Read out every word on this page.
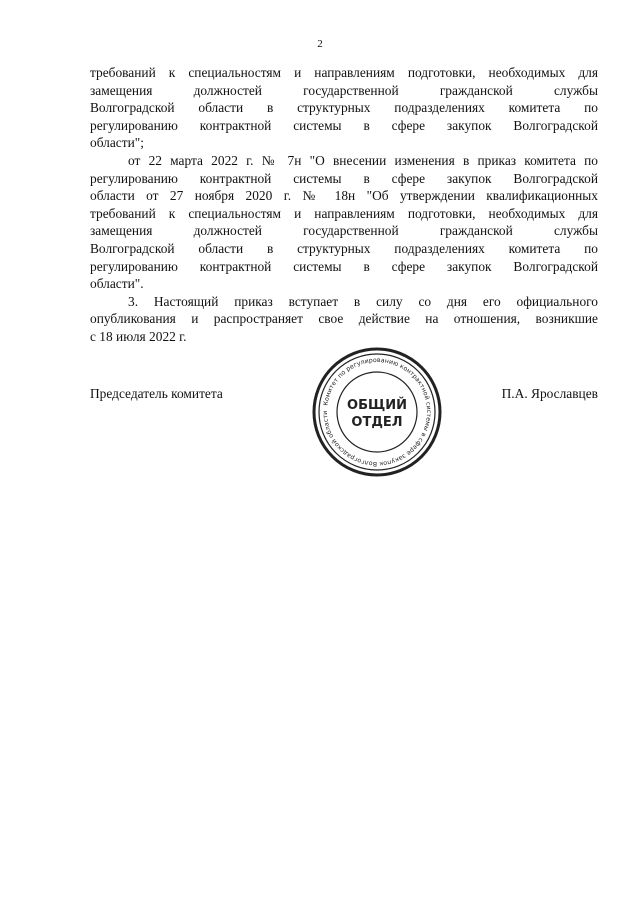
2
требований к специальностям и направлениям подготовки, необходимых для
замещения должностей государственной гражданской службы
Волгоградской области в структурных подразделениях комитета по
регулированию контрактной системы в сфере закупок Волгоградской
области";
от 22 марта 2022 г. № 7н "О внесении изменения в приказ комитета по
регулированию контрактной системы в сфере закупок Волгоградской
области от 27 ноября 2020 г. № 18н "Об утверждении квалификационных
требований к специальностям и направлениям подготовки, необходимых для
замещения должностей государственной гражданской службы
Волгоградской области в структурных подразделениях комитета по
регулированию контрактной системы в сфере закупок Волгоградской
области".
3. Настоящий приказ вступает в силу со дня его официального
опубликования и распространяет свое действие на отношения, возникшие
с 18 июля 2022 г.
Председатель комитета	П.А. Ярославцев
Комитет по регулированию контрактной системы в сфере закупок Волгоградской области	ОБЩИЙ
ОТДЕЛ
